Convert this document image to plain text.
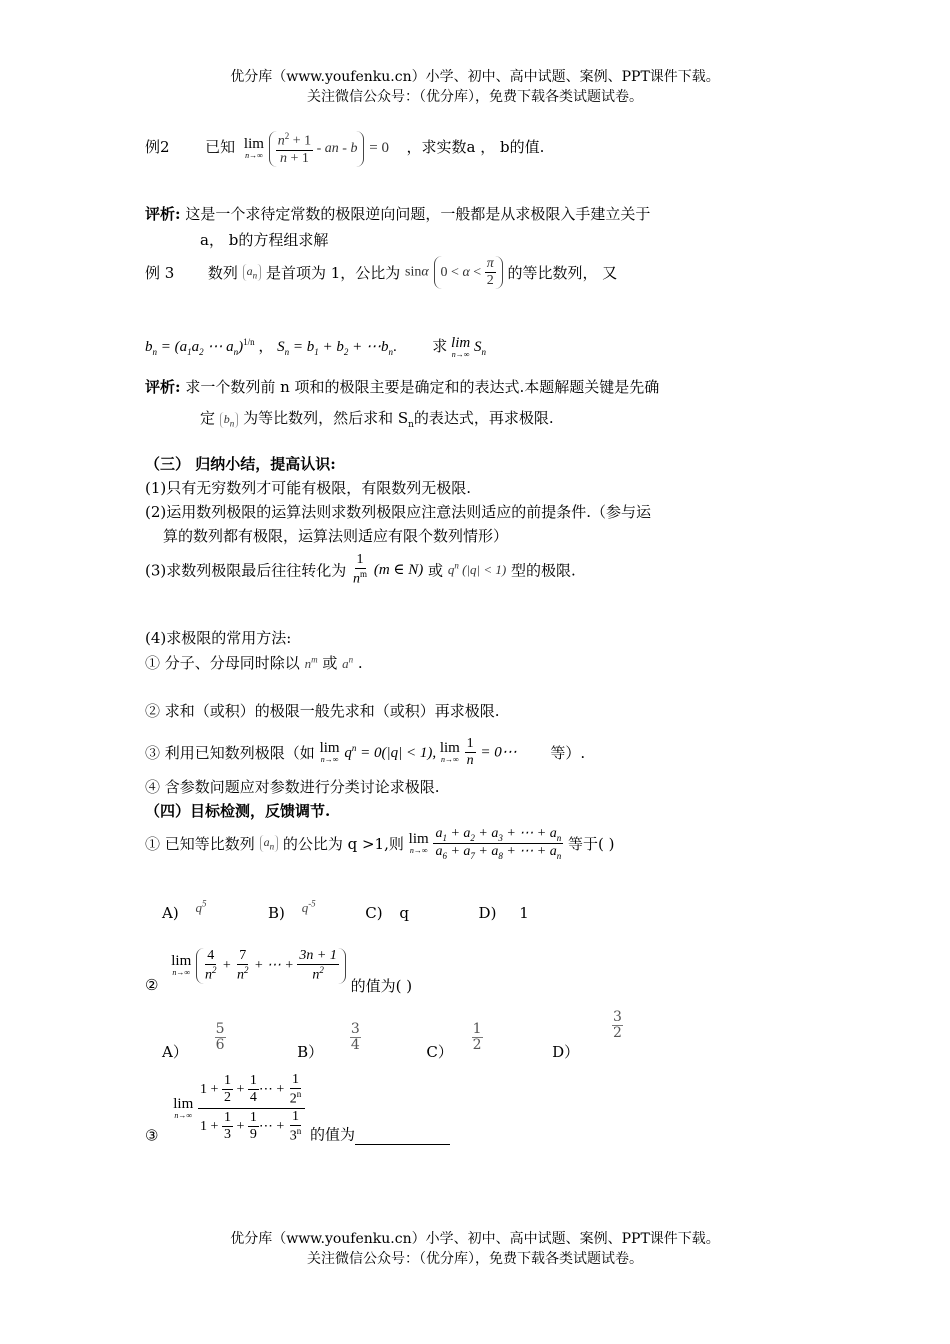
优分库（www.youfenku.cn）小学、初中、高中试题、案例、PPT课件下载。
关注微信公众号：（优分库），免费下载各类试题试卷。
例2 已知 lim
n→∞
$\frac{n^2 + 1}{n + 1}$ - an - b = 0 ，求实数a ， b的值.
评析: 这是一个求待定常数的极限逆向问题，一般都是从求极限入手建立关于
a， b的方程组求解
例 3 数列 $a_n$ 是首项为 1，公比为 sinα $0 < \alpha < \frac{\pi}{2}$ 的等比数列， 又
$b_n = (a_1a_2$ ⋯ $a_n)^{1/n}$ ， $S_n = b_1 + b_2$ + $\cdots b_n$. 求 lim
n→∞ $S_n$
评析: 求一个数列前 n 项和的极限主要是确定和的表达式.本题解题关键是先确
定 $b_n$ 为等比数列，然后求和 $S_n$的表达式，再求极限.
（三） 归纳小结，提高认识:
(1)只有无穷数列才可能有极限，有限数列无极限.
(2)运用数列极限的运算法则求数列极限应注意法则适应的前提条件.（参与运
算的数列都有极限，运算法则适应有限个数列情形）
(3)求数列极限最后往往转化为 $\frac{1}{n^m} (m$ ∈ N) 或 $q^n$ (|q| < 1) 型的极限.
(4)求极限的常用方法:
① 分子、分母同时除以 $n^m$ 或 $a^n$ .
② 求和（或积）的极限一般先求和（或积）再求极限.
③ 利用已知数列极限（如 lim
n→∞ $q^n = 0(|q| < 1)$, lim
n→∞
$\frac{1}{n}$ = 0⋯ 等）.
④ 含参数问题应对参数进行分类讨论求极限.
（四）目标检测，反馈调节.
① 已知等比数列 $a_n$ 的公比为 q >1,则 lim
n→∞
$\frac{a_1 + a_2 + a_3 + \cdots + a_n}{a_6 + a_7 + a_8 + \cdots + a_n}$ 等于( )
A) $q^5$  B) $q^{-5}$  C) q	D) 1
②
lim
n→∞
$\frac{4}{n^2} + \frac{7}{n^2}$ + ⋯ + $\frac{3n + 1}{n^2}$
的值为( )
$A) \frac{5}{6}$	$B) \frac{3}{4}$	$C) \frac{1}{2}$	D）
$\frac{3}{2}$
③
lim
n→∞
$\frac{1 + \frac{1}{2} + \frac{1}{4} \cdots + \frac{1}{2^n}}{1 + \frac{1}{3} + \frac{1}{9} \cdots + \frac{1}{3^n}}$ 的值为
优分库（www.youfenku.cn）小学、初中、高中试题、案例、PPT课件下载。
关注微信公众号：（优分库），免费下载各类试题试卷。
